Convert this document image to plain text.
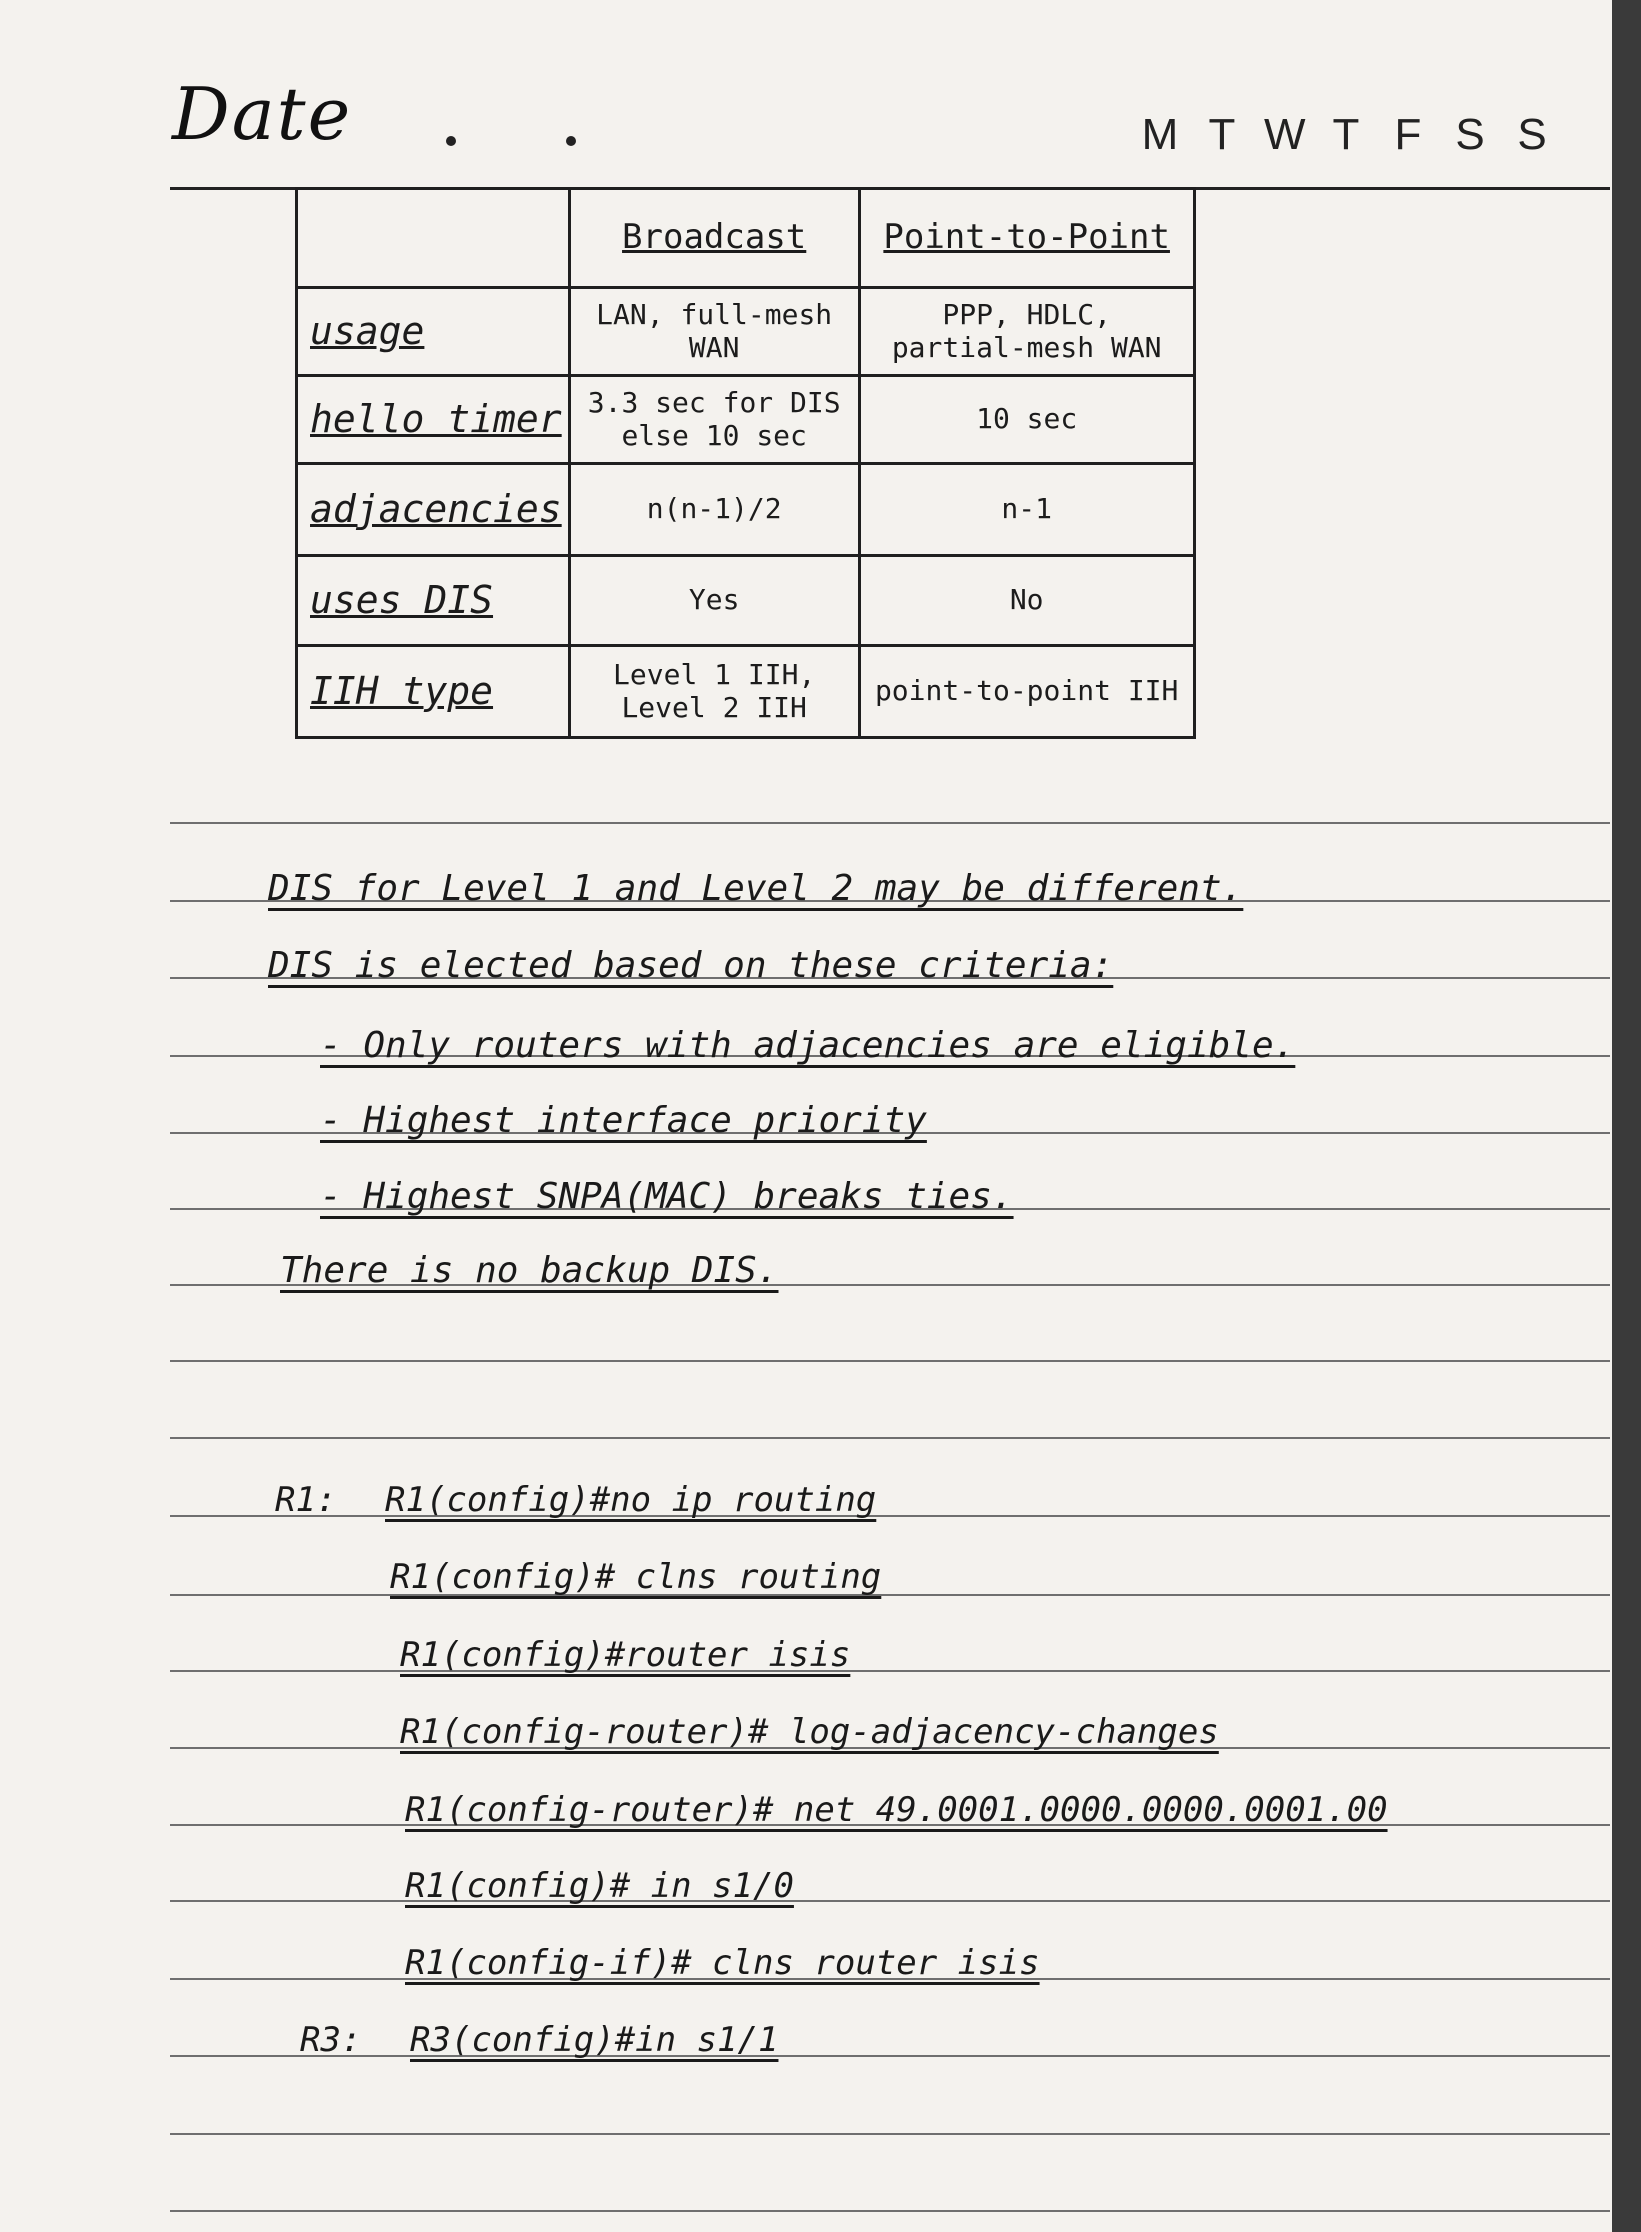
Date	M T W T F S S
	Broadcast	Point-to-Point
usage	LAN, full-mesh WAN	PPP, HDLC, partial-mesh WAN
hello timer	3.3 sec for DIS else 10 sec	10 sec
adjacencies	n(n-1)/2	n-1
uses DIS	Yes	No
IIH type	Level 1 IIH, Level 2 IIH	point-to-point IIH
DIS for Level 1 and Level 2 may be different.
DIS is elected based on these criteria:
- Only routers with adjacencies are eligible.
- Highest interface priority
- Highest SNPA(MAC) breaks ties.
There is no backup DIS.
R1: R1(config)#no ip routing
R1(config)# clns routing
R1(config)#router isis
R1(config-router)# log-adjacency-changes
R1(config-router)# net 49.0001.0000.0000.0001.00
R1(config)# in s1/0
R1(config-if)# clns router isis
R3: R3(config)#in s1/1
